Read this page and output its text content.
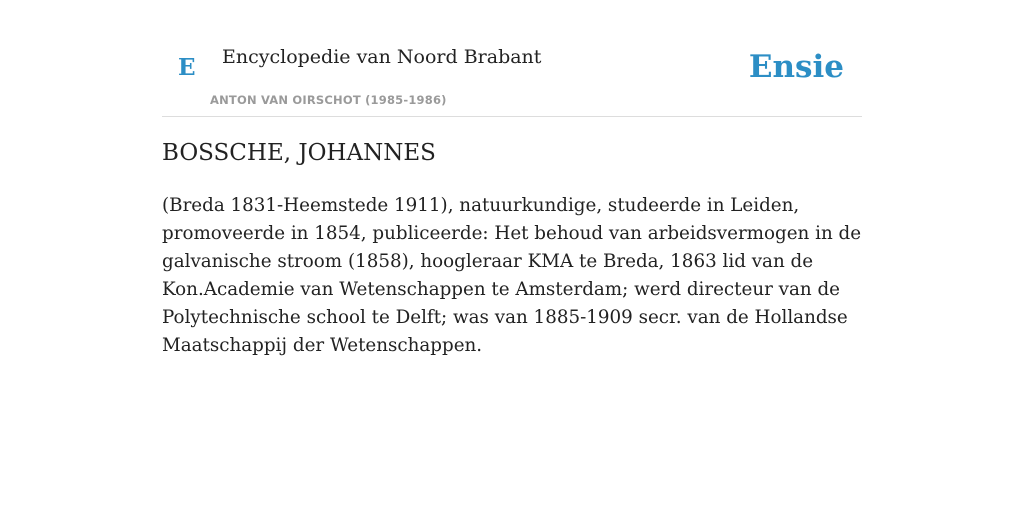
E Encyclopedie van Noord Brabant
ANTON VAN OIRSCHOT (1985-1986)
Ensie
BOSSCHE, JOHANNES

(Breda 1831-Heemstede 1911), natuurkundige, studeerde in Leiden, promoveerde in 1854, publiceerde: Het behoud van arbeidsvermogen in de galvanische stroom (1858), hoogleraar KMA te Breda, 1863 lid van de Kon.Academie van Wetenschappen te Amsterdam; werd directeur van de Polytechnische school te Delft; was van 1885-1909 secr. van de Hollandse Maatschappij der Wetenschappen.
